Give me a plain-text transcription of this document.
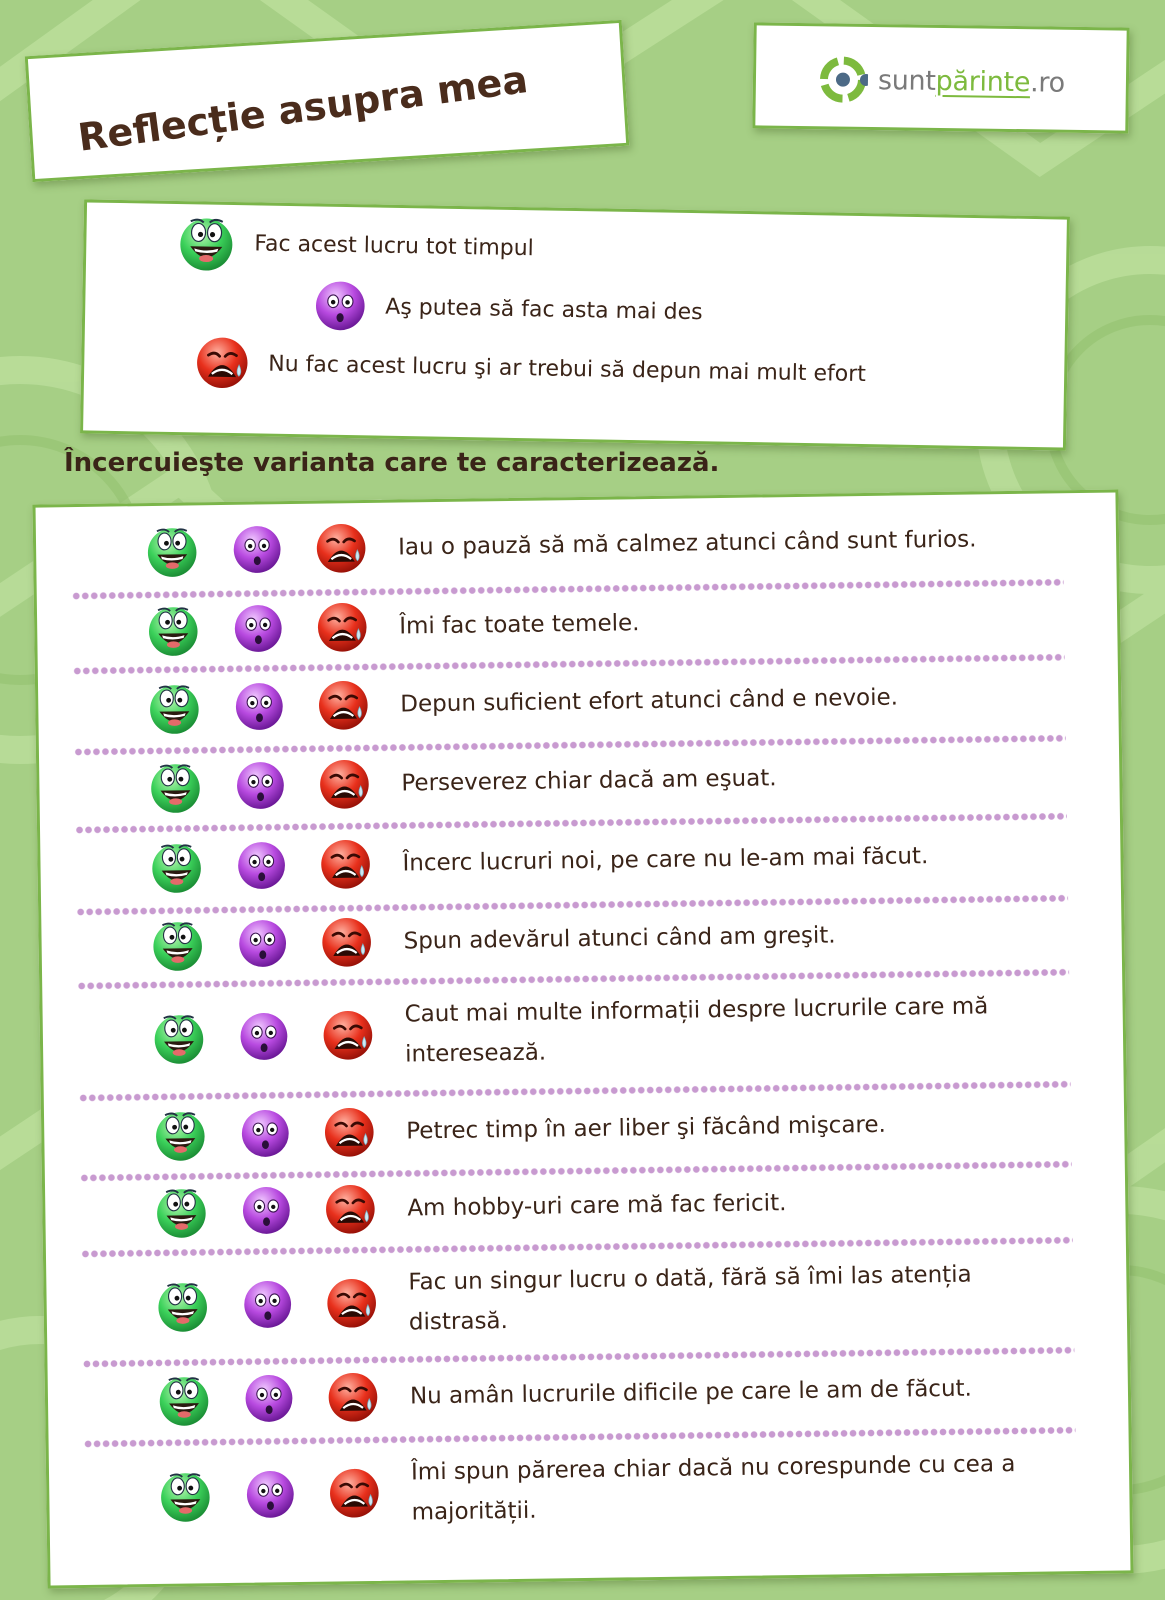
Reflecție asupra mea	suntpărinte.ro
Fac acest lucru tot timpul
Aş putea să fac asta mai des
Nu fac acest lucru şi ar trebui să depun mai mult efort
Încercuieşte varianta care te caracterizează.
Iau o pauză să mă calmez atunci când sunt furios.
Îmi fac toate temele.
Depun suficient efort atunci când e nevoie.
Perseverez chiar dacă am eşuat.
Încerc lucruri noi, pe care nu le-am mai făcut.
Spun adevărul atunci când am greşit.
Caut mai multe informații despre lucrurile care mă interesează.
Petrec timp în aer liber şi făcând mişcare.
Am hobby-uri care mă fac fericit.
Fac un singur lucru o dată, fără să îmi las atenția distrasă.
Nu amân lucrurile dificile pe care le am de făcut.
Îmi spun părerea chiar dacă nu corespunde cu cea a majorității.
